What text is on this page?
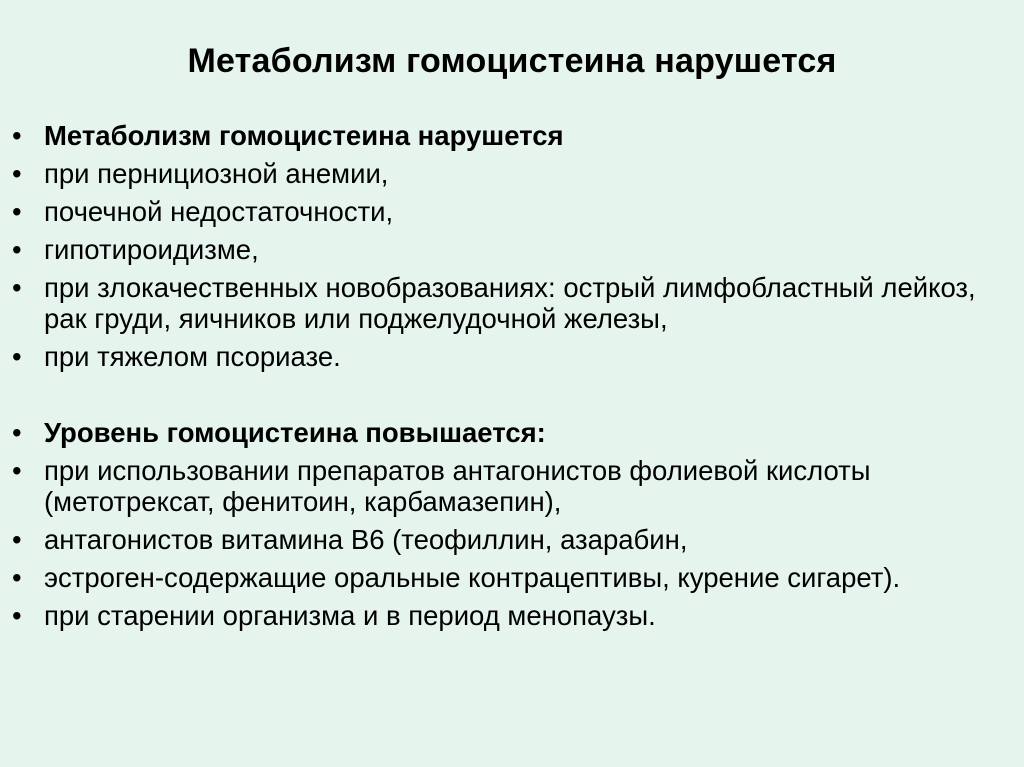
Метаболизм гомоцистеина нарушется
• Метаболизм гомоцистеина нарушется
• при пернициозной анемии,
• почечной недостаточности,
• гипотироидизме,
• при злокачественных новобразованиях: острый лимфобластный лейкоз, рак груди, яичников или поджелудочной железы,
• при тяжелом псориазе.
• Уровень гомоцистеина повышается:
• при использовании препаратов антагонистов фолиевой кислоты (метотрексат, фенитоин, карбамазепин),
• антагонистов витамина В6 (теофиллин, азарабин,
• эстроген-содержащие оральные контрацептивы, курение сигарет).
• при старении организма и в период менопаузы.
